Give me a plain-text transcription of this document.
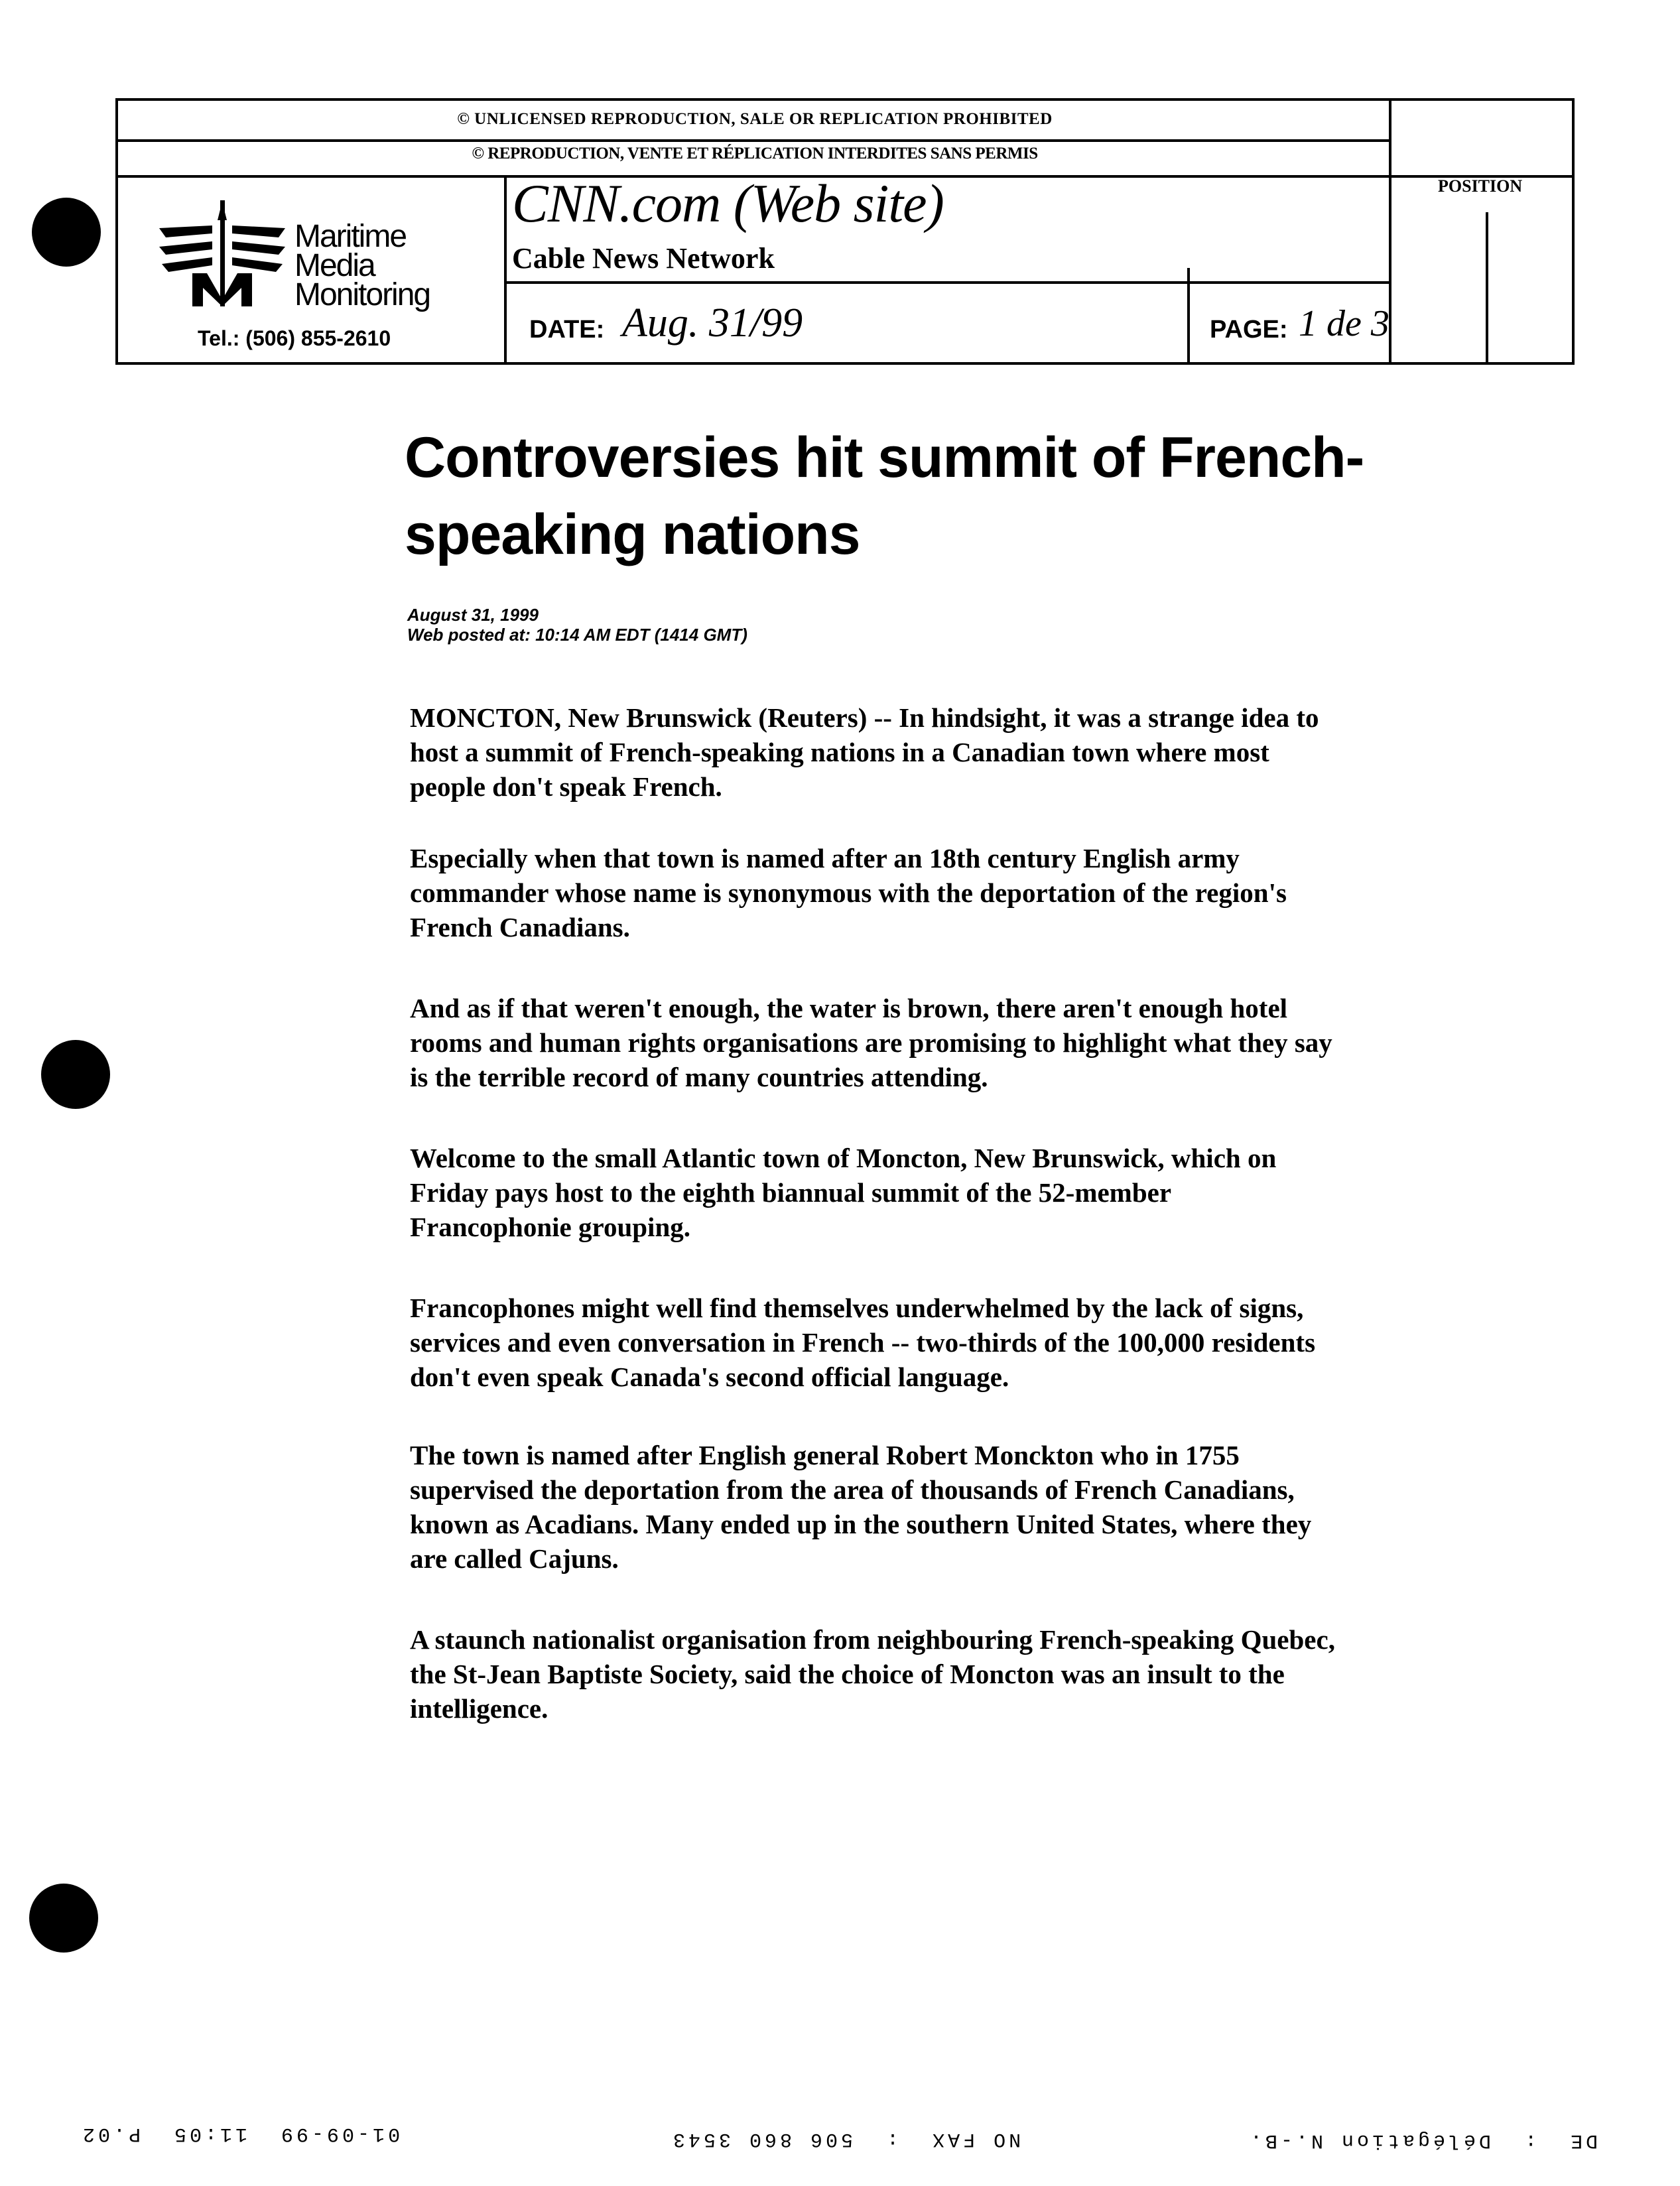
© UNLICENSED REPRODUCTION, SALE OR REPLICATION PROHIBITED
© REPRODUCTION, VENTE ET RÉPLICATION INTERDITES SANS PERMIS
Maritime
Media
Monitoring
Tel.: (506) 855-2610
CNN.com (Web site)
Cable News Network
DATE: Aug. 31/99	PAGE: 1 de 3
POSITION
Controversies hit summit of French-speaking nations
August 31, 1999
Web posted at: 10:14 AM EDT (1414 GMT)

MONCTON, New Brunswick (Reuters) -- In hindsight, it was a strange idea to host a summit of French-speaking nations in a Canadian town where most people don't speak French.

Especially when that town is named after an 18th century English army commander whose name is synonymous with the deportation of the region's French Canadians.

And as if that weren't enough, the water is brown, there aren't enough hotel rooms and human rights organisations are promising to highlight what they say is the terrible record of many countries attending.

Welcome to the small Atlantic town of Moncton, New Brunswick, which on Friday pays host to the eighth biannual summit of the 52-member Francophonie grouping.

Francophones might well find themselves underwhelmed by the lack of signs, services and even conversation in French -- two-thirds of the 100,000 residents don't even speak Canada's second official language.

The town is named after English general Robert Monckton who in 1755 supervised the deportation from the area of thousands of French Canadians, known as Acadians. Many ended up in the southern United States, where they are called Cajuns.

A staunch nationalist organisation from neighbouring French-speaking Quebec, the St-Jean Baptiste Society, said the choice of Moncton was an insult to the intelligence.

01-09-99  11:05  P.02	NO FAX  :  506 860 3543	DE  :  Délégation N.-B.
